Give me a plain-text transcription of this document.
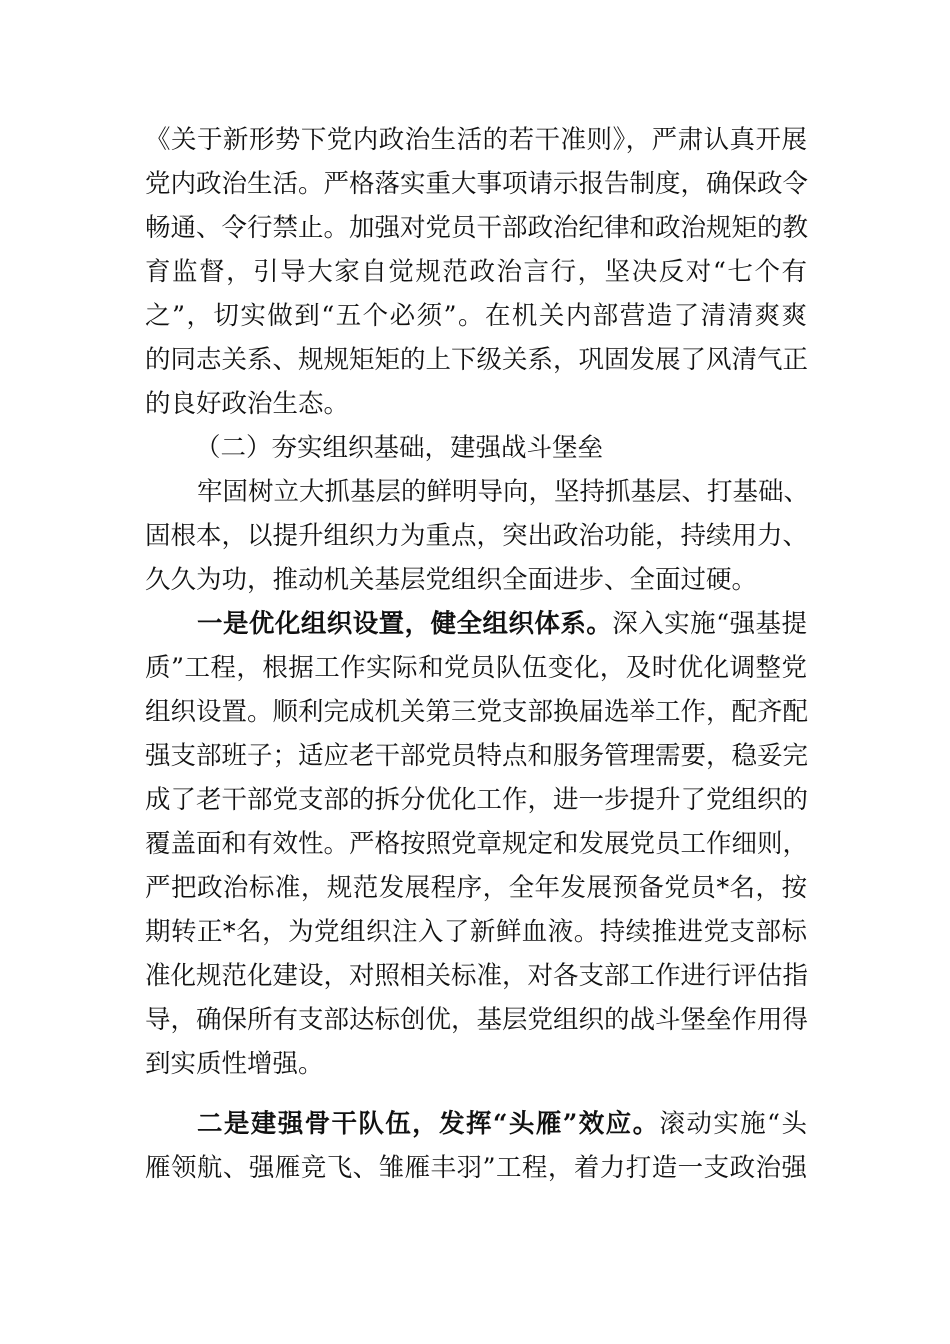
《关于新形势下党内政治生活的若干准则》，严肃认真开展
党内政治生活。严格落实重大事项请示报告制度，确保政令
畅通、令行禁止。加强对党员干部政治纪律和政治规矩的教
育监督，引导大家自觉规范政治言行，坚决反对“七个有
之”，切实做到“五个必须”。在机关内部营造了清清爽爽
的同志关系、规规矩矩的上下级关系，巩固发展了风清气正
的良好政治生态。
（二）夯实组织基础，建强战斗堡垒
牢固树立大抓基层的鲜明导向，坚持抓基层、打基础、
固根本，以提升组织力为重点，突出政治功能，持续用力、
久久为功，推动机关基层党组织全面进步、全面过硬。
一是优化组织设置，健全组织体系。深入实施“强基提
质”工程，根据工作实际和党员队伍变化，及时优化调整党
组织设置。顺利完成机关第三党支部换届选举工作，配齐配
强支部班子；适应老干部党员特点和服务管理需要，稳妥完
成了老干部党支部的拆分优化工作，进一步提升了党组织的
覆盖面和有效性。严格按照党章规定和发展党员工作细则，
严把政治标准，规范发展程序，全年发展预备党员*名，按
期转正*名，为党组织注入了新鲜血液。持续推进党支部标
准化规范化建设，对照相关标准，对各支部工作进行评估指
导，确保所有支部达标创优，基层党组织的战斗堡垒作用得
到实质性增强。
二是建强骨干队伍，发挥“头雁”效应。滚动实施“头
雁领航、强雁竞飞、雏雁丰羽”工程，着力打造一支政治强
